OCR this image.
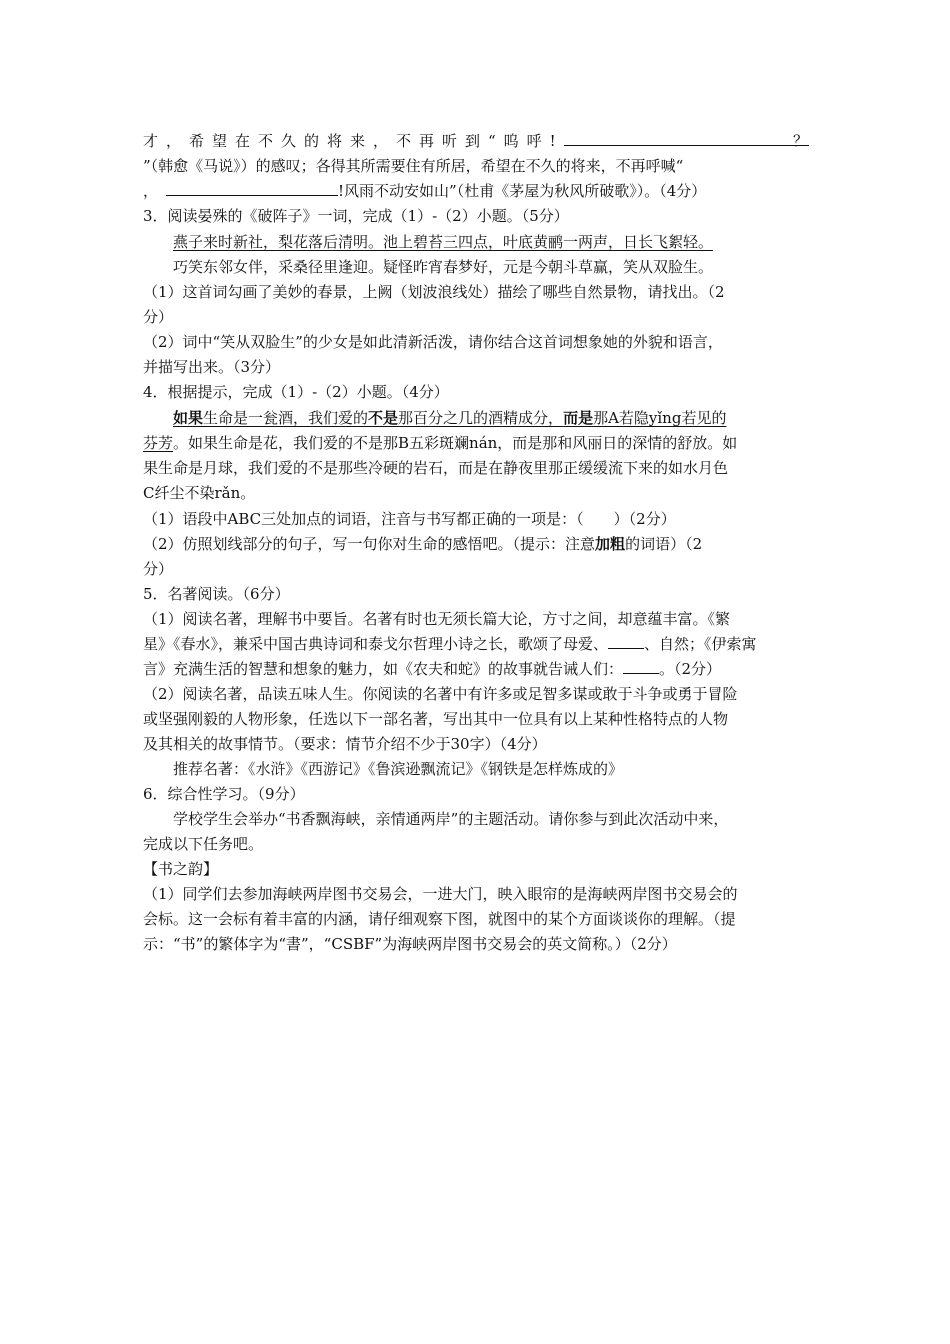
才，希望在不久的将来，不再听到“呜呼!	？
”（韩愈《马说》）的感叹；各得其所需要住有所居，希望在不久的将来，不再呼喊“
，	!风雨不动安如山”（杜甫《茅屋为秋风所破歌》）。（4分）
3．阅读晏殊的《破阵子》一词，完成（1）-（2）小题。（5分）
燕子来时新社，梨花落后清明。池上碧苔三四点，叶底黄鹂一两声，日长飞絮轻。
巧笑东邻女伴，采桑径里逢迎。疑怪昨宵春梦好，元是今朝斗草赢，笑从双脸生。
（1）这首词勾画了美妙的春景，上阙（划波浪线处）描绘了哪些自然景物，请找出。（2
分）
（2）词中“笑从双脸生”的少女是如此清新活泼，请你结合这首词想象她的外貌和语言，
并描写出来。（3分）
4．根据提示，完成（1）-（2）小题。（4分）
如果生命是一瓮酒，我们爱的不是那百分之几的酒精成分，而是那A若隐yǐng若见的
芬芳。如果生命是花，我们爱的不是那B五彩斑斓nán，而是那和风丽日的深情的舒放。如
果生命是月球，我们爱的不是那些冷硬的岩石，而是在静夜里那正缓缓流下来的如水月色
C纤尘不染rǎn。
（1）语段中ABC三处加点的词语，注音与书写都正确的一项是：（　　）（2分）
（2）仿照划线部分的句子，写一句你对生命的感悟吧。（提示：注意加粗的词语）（2
分）
5．名著阅读。（6分）
（1）阅读名著，理解书中要旨。名著有时也无须长篇大论，方寸之间，却意蕴丰富。《繁
星》《春水》，兼采中国古典诗词和泰戈尔哲理小诗之长，歌颂了母爱、 、自然；《伊索寓
言》充满生活的智慧和想象的魅力，如《农夫和蛇》的故事就告诫人们： 。（2分）
（2）阅读名著，品读五味人生。你阅读的名著中有许多或足智多谋或敢于斗争或勇于冒险
或坚强刚毅的人物形象，任选以下一部名著，写出其中一位具有以上某种性格特点的人物
及其相关的故事情节。（要求：情节介绍不少于30字）（4分）
推荐名著：《水浒》《西游记》《鲁滨逊飘流记》《钢铁是怎样炼成的》
6．综合性学习。（9分）
学校学生会举办“书香飘海峡，亲情通两岸”的主题活动。请你参与到此次活动中来，
完成以下任务吧。
【书之韵】
（1）同学们去参加海峡两岸图书交易会，一进大门，映入眼帘的是海峡两岸图书交易会的
会标。这一会标有着丰富的内涵，请仔细观察下图，就图中的某个方面谈谈你的理解。（提
示：“书”的繁体字为“書”，“CSBF”为海峡两岸图书交易会的英文简称。）（2分）
